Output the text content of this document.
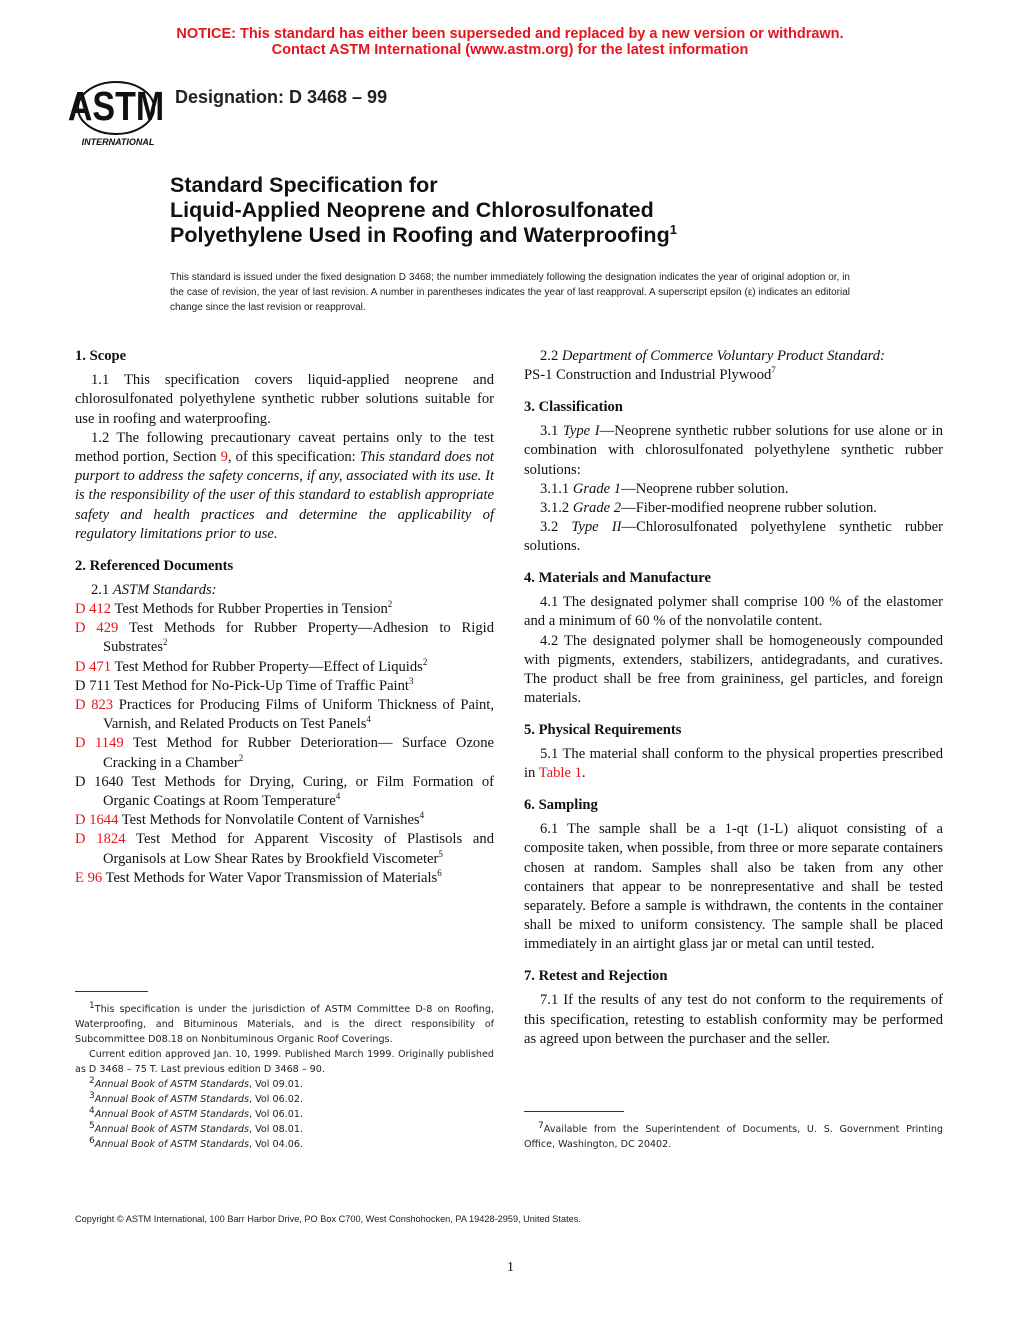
NOTICE: This standard has either been superseded and replaced by a new version or withdrawn.
Contact ASTM International (www.astm.org) for the latest information
ASTM
INTERNATIONAL
Designation: D 3468 – 99
Standard Specification for
Liquid-Applied Neoprene and Chlorosulfonated
Polyethylene Used in Roofing and Waterproofing$^1$
This standard is issued under the fixed designation D 3468; the number immediately following the designation indicates the year of original adoption or, in the case of revision, the year of last revision. A number in parentheses indicates the year of last reapproval. A superscript epsilon (ε) indicates an editorial change since the last revision or reapproval.
1. Scope
1.1 This specification covers liquid-applied neoprene and chlorosulfonated polyethylene synthetic rubber solutions suitable for use in roofing and waterproofing.
1.2 The following precautionary caveat pertains only to the test method portion, Section 9, of this specification: This standard does not purport to address the safety concerns, if any, associated with its use. It is the responsibility of the user of this standard to establish appropriate safety and health practices and determine the applicability of regulatory limitations prior to use.
2. Referenced Documents
2.1 ASTM Standards:
D 412 Test Methods for Rubber Properties in Tension$^2$
D 429 Test Methods for Rubber Property—Adhesion to Rigid Substrates$^2$
D 471 Test Method for Rubber Property—Effect of Liquids$^2$
D 711 Test Method for No-Pick-Up Time of Traffic Paint$^3$
D 823 Practices for Producing Films of Uniform Thickness of Paint, Varnish, and Related Products on Test Panels$^4$
D 1149 Test Method for Rubber Deterioration— Surface Ozone Cracking in a Chamber$^2$
D 1640 Test Methods for Drying, Curing, or Film Formation of Organic Coatings at Room Temperature$^4$
D 1644 Test Methods for Nonvolatile Content of Varnishes$^4$
D 1824 Test Method for Apparent Viscosity of Plastisols and Organisols at Low Shear Rates by Brookfield Viscometer$^5$
E 96 Test Methods for Water Vapor Transmission of Materials$^6$
2.2 Department of Commerce Voluntary Product Standard:
PS-1 Construction and Industrial Plywood$^7$
3. Classification
3.1 Type I—Neoprene synthetic rubber solutions for use alone or in combination with chlorosulfonated polyethylene synthetic rubber solutions:
3.1.1 Grade 1—Neoprene rubber solution.
3.1.2 Grade 2—Fiber-modified neoprene rubber solution.
3.2 Type II—Chlorosulfonated polyethylene synthetic rubber solutions.
4. Materials and Manufacture
4.1 The designated polymer shall comprise 100 % of the elastomer and a minimum of 60 % of the nonvolatile content.
4.2 The designated polymer shall be homogeneously compounded with pigments, extenders, stabilizers, antidegradants, and curatives. The product shall be free from graininess, gel particles, and foreign materials.
5. Physical Requirements
5.1 The material shall conform to the physical properties prescribed in Table 1.
6. Sampling
6.1 The sample shall be a 1-qt (1-L) aliquot consisting of a composite taken, when possible, from three or more separate containers chosen at random. Samples shall also be taken from any other containers that appear to be nonrepresentative and shall be tested separately. Before a sample is withdrawn, the contents in the container shall be mixed to uniform consistency. The sample shall be placed immediately in an airtight glass jar or metal can until tested.
7. Retest and Rejection
7.1 If the results of any test do not conform to the requirements of this specification, retesting to establish conformity may be performed as agreed upon between the purchaser and the seller.
$^1$This specification is under the jurisdiction of ASTM Committee D-8 on Roofing, Waterproofing, and Bituminous Materials, and is the direct responsibility of Subcommittee D08.18 on Nonbituminous Organic Roof Coverings.
Current edition approved Jan. 10, 1999. Published March 1999. Originally published as D 3468 – 75 T. Last previous edition D 3468 – 90.
$^2$Annual Book of ASTM Standards, Vol 09.01.
$^3$Annual Book of ASTM Standards, Vol 06.02.
$^4$Annual Book of ASTM Standards, Vol 06.01.
$^5$Annual Book of ASTM Standards, Vol 08.01.
$^6$Annual Book of ASTM Standards, Vol 04.06.
$^7$Available from the Superintendent of Documents, U. S. Government Printing Office, Washington, DC 20402.
Copyright © ASTM International, 100 Barr Harbor Drive, PO Box C700, West Conshohocken, PA 19428-2959, United States.
1
